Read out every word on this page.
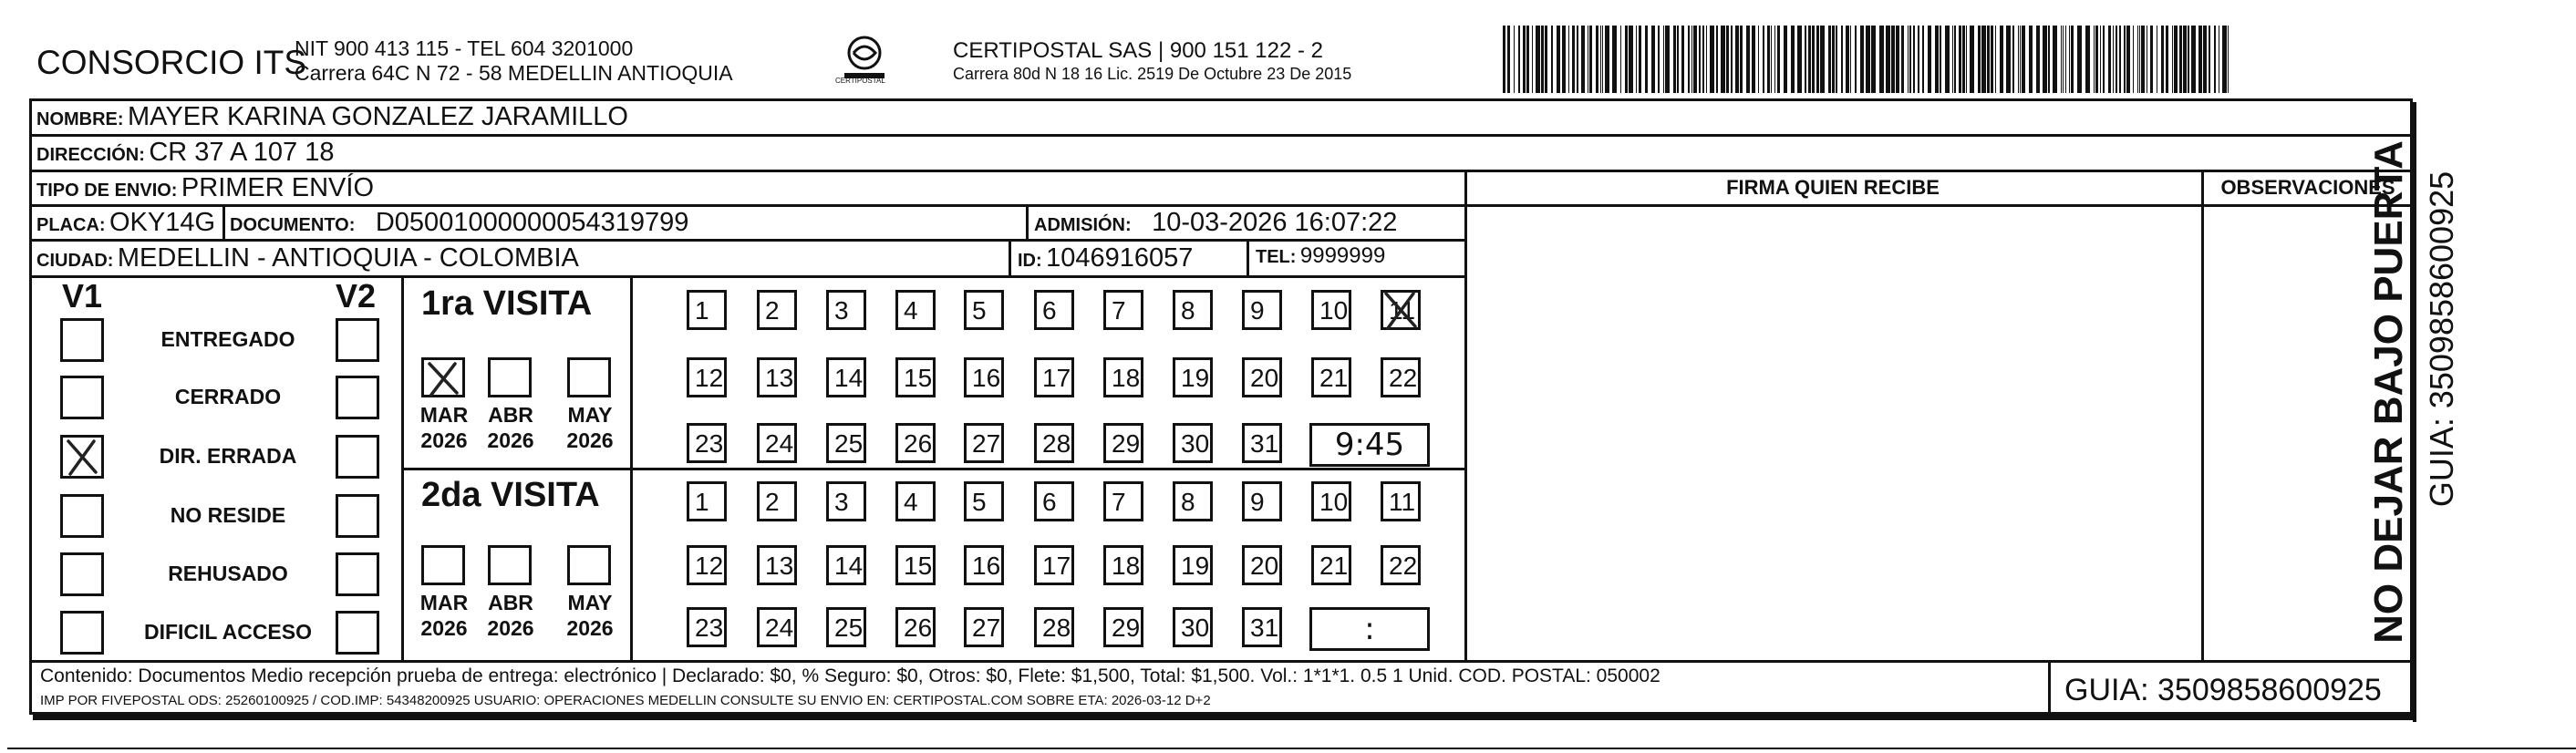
CONSORCIO ITS
NIT 900 413 115 - TEL 604 3201000
Carrera 64C N 72 - 58 MEDELLIN ANTIOQUIA	CERTIPOSTAL
CERTIPOSTAL SAS | 900 151 122 - 2
Carrera 80d N 18 16 Lic. 2519 De Octubre 23 De 2015
NOMBRE: MAYER KARINA GONZALEZ JARAMILLO
DIRECCIÓN: CR 37 A 107 18
TIPO DE ENVIO: PRIMER ENVÍO
PLACA: OKY14G DOCUMENTO: D05001000000054319799	ADMISIÓN: 10-03-2026 16:07:22
CIUDAD: MEDELLIN - ANTIOQUIA - COLOMBIA	ID: 1046916057	TEL: 9999999
FIRMA QUIEN RECIBE	OBSERVACIONES
V1	V2
ENTREGADO
CERRADO
DIR. ERRADA
NO RESIDE
REHUSADO
DIFICIL ACCESO
1ra VISITA
MAR
2026
ABR
2026
MAY
2026
1	2	3	4	5	6	7	8	9	10	11
12	13	14	15	16	17	18	19	20	21	22
23	24	25	26	27	28	29	30	31	9:45
2da VISITA
MAR
2026
ABR
2026
MAY
2026
1	2	3	4	5	6	7	8	9	10	11
12	13	14	15	16	17	18	19	20	21	22
23	24	25	26	27	28	29	30	31	:	NO DEJAR BAJO PUERTA GUIA: 3509858600925
Contenido: Documentos Medio recepción prueba de entrega: electrónico | Declarado: $0, % Seguro: $0, Otros: $0, Flete: $1,500, Total: $1,500. Vol.: 1*1*1. 0.5 1 Unid. COD. POSTAL: 050002
IMP POR FIVEPOSTAL ODS: 25260100925 / COD.IMP: 54348200925 USUARIO: OPERACIONES MEDELLIN CONSULTE SU ENVIO EN: CERTIPOSTAL.COM SOBRE ETA: 2026-03-12 D+2	GUIA: 3509858600925
